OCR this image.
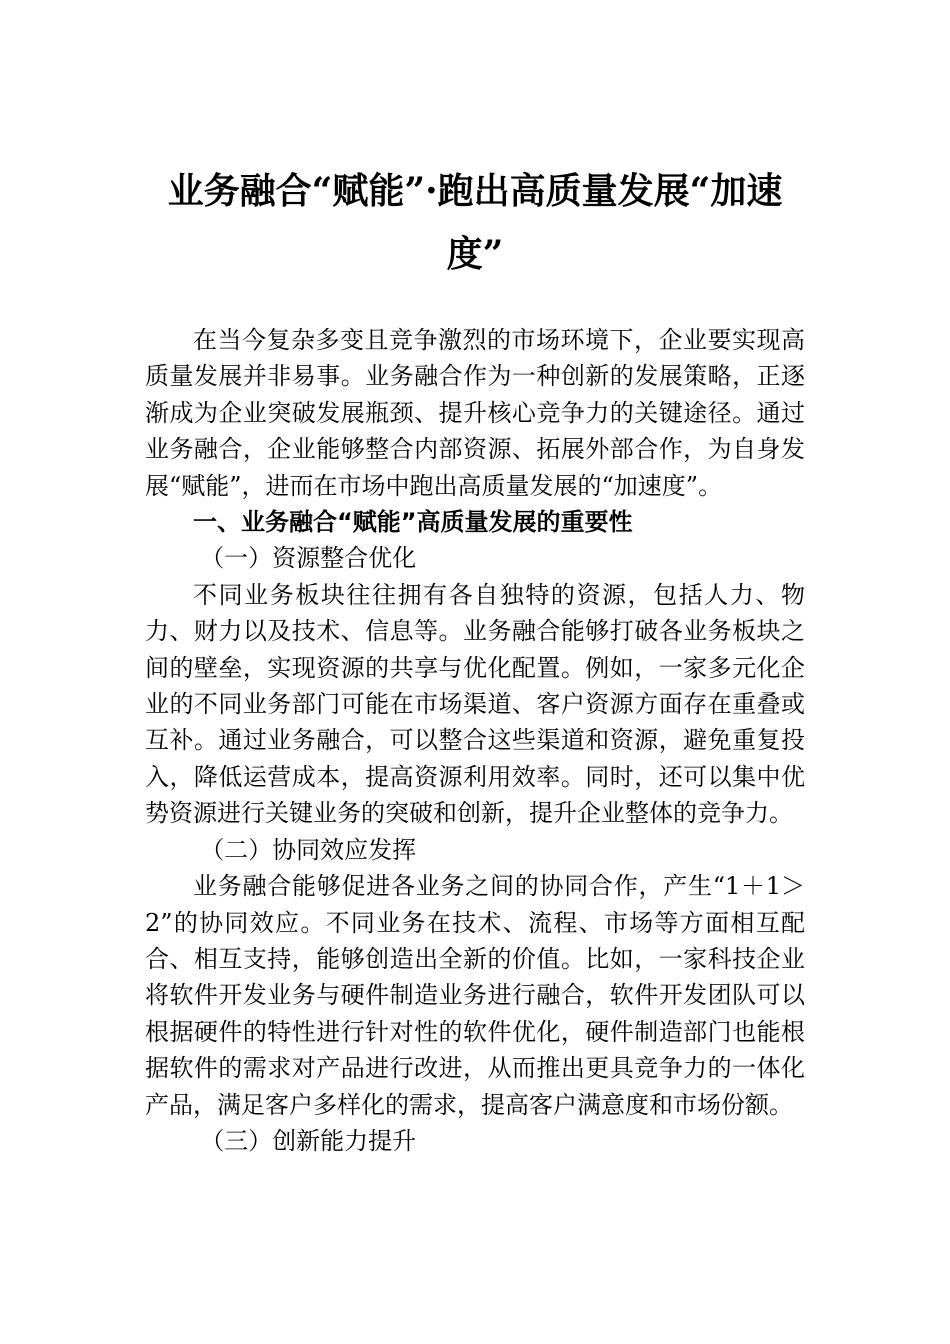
业务融合“赋能”·跑出高质量发展“加速度”

在当今复杂多变且竞争激烈的市场环境下，企业要实现高质量发展并非易事。业务融合作为一种创新的发展策略，正逐渐成为企业突破发展瓶颈、提升核心竞争力的关键途径。通过业务融合，企业能够整合内部资源、拓展外部合作，为自身发展“赋能”，进而在市场中跑出高质量发展的“加速度”。

一、业务融合“赋能”高质量发展的重要性

（一）资源整合优化

不同业务板块往往拥有各自独特的资源，包括人力、物力、财力以及技术、信息等。业务融合能够打破各业务板块之间的壁垒，实现资源的共享与优化配置。例如，一家多元化企业的不同业务部门可能在市场渠道、客户资源方面存在重叠或互补。通过业务融合，可以整合这些渠道和资源，避免重复投入，降低运营成本，提高资源利用效率。同时，还可以集中优势资源进行关键业务的突破和创新，提升企业整体的竞争力。

（二）协同效应发挥

业务融合能够促进各业务之间的协同合作，产生“1＋1＞2”的协同效应。不同业务在技术、流程、市场等方面相互配合、相互支持，能够创造出全新的价值。比如，一家科技企业将软件开发业务与硬件制造业务进行融合，软件开发团队可以根据硬件的特性进行针对性的软件优化，硬件制造部门也能根据软件的需求对产品进行改进，从而推出更具竞争力的一体化产品，满足客户多样化的需求，提高客户满意度和市场份额。

（三）创新能力提升
